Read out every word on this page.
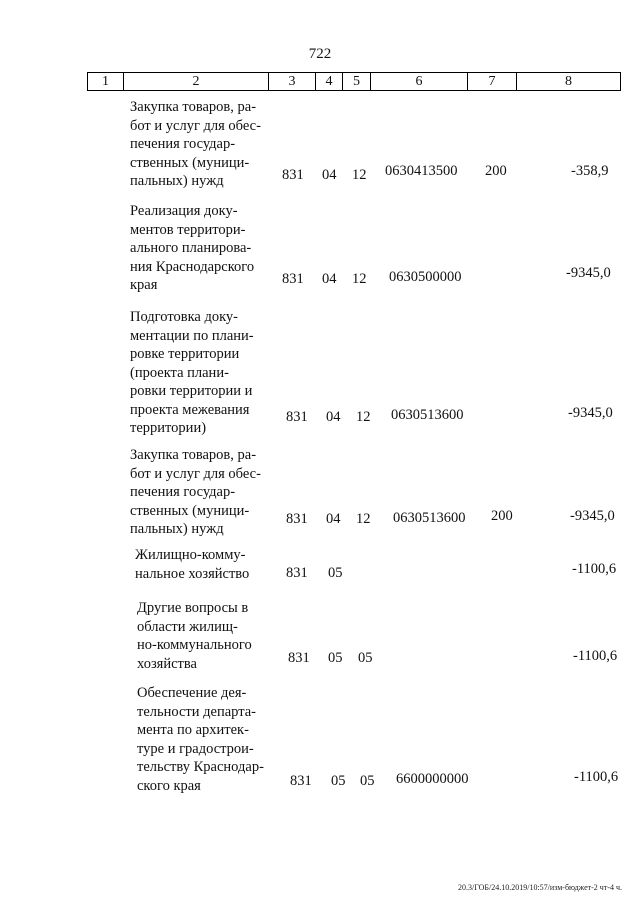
722
1	2	3	4	5	6	7	8
Закупка товаров, ра-
бот и услуг для обес-
печения государ-
ственных (муници-
пальных) нужд	831 04 12 0630413500 200	-358,9
Реализация доку-
ментов территори-
ального планирова-
ния Краснодарского
края	831 04 12 0630500000	-9345,0
Подготовка доку-
ментации по плани-
ровке территории
(проекта плани-
ровки территории и
проекта межевания
территории)
831 04 12 0630513600	-9345,0
Закупка товаров, ра-
бот и услуг для обес-
печения государ-
ственных (муници-
пальных) нужд
831 04 12 0630513600 200	-9345,0
Жилищно-комму-
нальное хозяйство	831 05	-1100,6
Другие вопросы в
области жилищ-
но-коммунального
хозяйства	831 05 05	-1100,6
Обеспечение дея-
тельности департа-
мента по архитек-
туре и градострои-
тельству Краснодар-
ского края	831 05 05 6600000000	-1100,6
20.3/ГОБ/24.10.2019/10:57/изм-бюджет-2 чт-4 ч.
